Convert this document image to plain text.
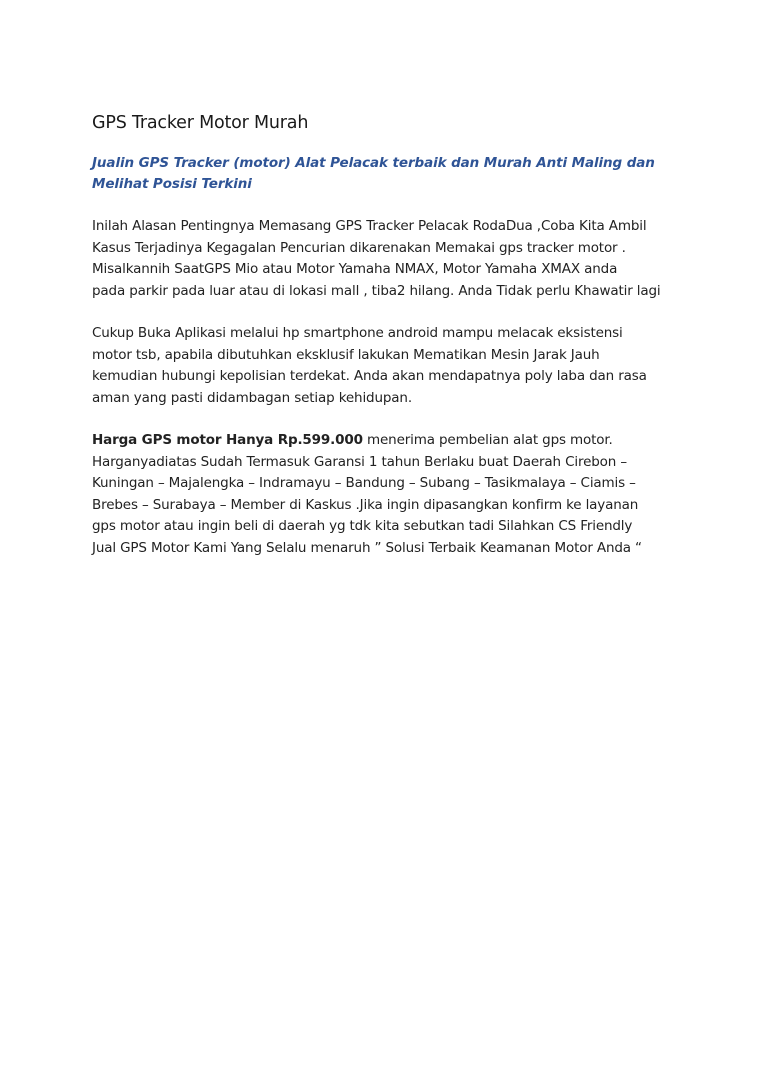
GPS Tracker Motor Murah

Jualin GPS Tracker (motor) Alat Pelacak terbaik dan Murah Anti Maling dan
Melihat Posisi Terkini

Inilah Alasan Pentingnya Memasang GPS Tracker Pelacak RodaDua ,Coba Kita Ambil
Kasus Terjadinya Kegagalan Pencurian dikarenakan Memakai gps tracker motor .
Misalkannih SaatGPS Mio atau Motor Yamaha NMAX, Motor Yamaha XMAX anda
pada parkir pada luar atau di lokasi mall , tiba2 hilang. Anda Tidak perlu Khawatir lagi

Cukup Buka Aplikasi melalui hp smartphone android mampu melacak eksistensi
motor tsb, apabila dibutuhkan eksklusif lakukan Mematikan Mesin Jarak Jauh
kemudian hubungi kepolisian terdekat. Anda akan mendapatnya poly laba dan rasa
aman yang pasti didambagan setiap kehidupan.

Harga GPS motor Hanya Rp.599.000 menerima pembelian alat gps motor.
Harganyadiatas Sudah Termasuk Garansi 1 tahun Berlaku buat Daerah Cirebon –
Kuningan – Majalengka – Indramayu – Bandung – Subang – Tasikmalaya – Ciamis –
Brebes – Surabaya – Member di Kaskus .Jika ingin dipasangkan konfirm ke layanan
gps motor atau ingin beli di daerah yg tdk kita sebutkan tadi Silahkan CS Friendly
Jual GPS Motor Kami Yang Selalu menaruh ” Solusi Terbaik Keamanan Motor Anda “
